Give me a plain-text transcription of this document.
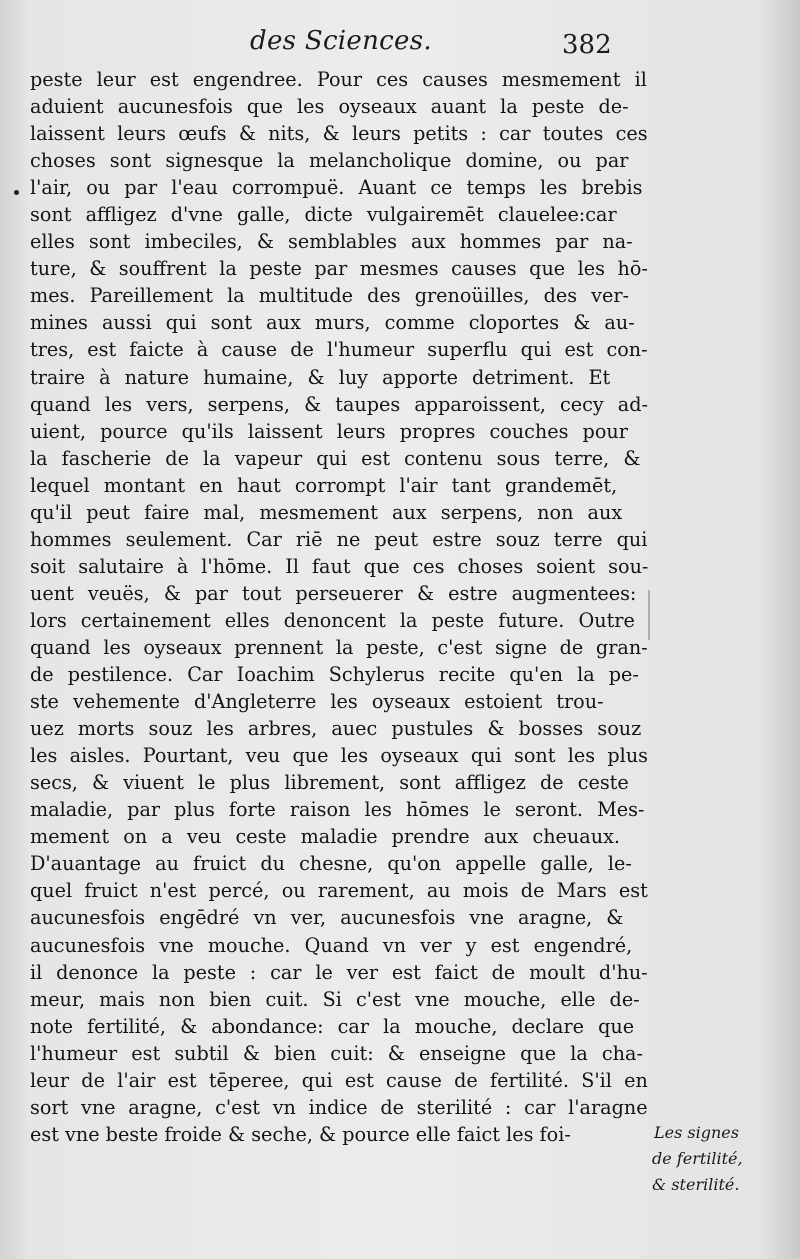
des Sciences.	382
peste leur est engendree. Pour ces causes mesmement il
aduient aucunesfois que les oyseaux auant la peste de-
laissent leurs œufs & nits, & leurs petits : car toutes ces
choses sont signesque la melancholique domine, ou par
l'air, ou par l'eau corrompuë. Auant ce temps les brebis
sont affligez d'vne galle, dicte vulgairemēt clauelee:car
elles sont imbeciles, & semblables aux hommes par na-
ture, & souffrent la peste par mesmes causes que les hō-
mes. Pareillement la multitude des grenoüilles, des ver-
mines aussi qui sont aux murs, comme cloportes & au-
tres, est faicte à cause de l'humeur superflu qui est con-
traire à nature humaine, & luy apporte detriment. Et
quand les vers, serpens, & taupes apparoissent, cecy ad-
uient, pource qu'ils laissent leurs propres couches pour
la fascherie de la vapeur qui est contenu sous terre, &
lequel montant en haut corrompt l'air tant grandemēt,
qu'il peut faire mal, mesmement aux serpens, non aux
hommes seulement. Car riē ne peut estre souz terre qui
soit salutaire à l'hōme. Il faut que ces choses soient sou-
uent veuës, & par tout perseuerer & estre augmentees:
lors certainement elles denoncent la peste future. Outre
quand les oyseaux prennent la peste, c'est signe de gran-
de pestilence. Car Ioachim Schylerus recite qu'en la pe-
ste vehemente d'Angleterre les oyseaux estoient trou-
uez morts souz les arbres, auec pustules & bosses souz
les aisles. Pourtant, veu que les oyseaux qui sont les plus
secs, & viuent le plus librement, sont affligez de ceste
maladie, par plus forte raison les hōmes le seront. Mes-
mement on a veu ceste maladie prendre aux cheuaux.
D'auantage au fruict du chesne, qu'on appelle galle, le-
quel fruict n'est percé, ou rarement, au mois de Mars est
aucunesfois engēdré vn ver, aucunesfois vne aragne, &
aucunesfois vne mouche. Quand vn ver y est engendré,
il denonce la peste : car le ver est faict de moult d'hu-
meur, mais non bien cuit. Si c'est vne mouche, elle de-
note fertilité, & abondance: car la mouche, declare que
l'humeur est subtil & bien cuit: & enseigne que la cha-
leur de l'air est tēperee, qui est cause de fertilité. S'il en
sort vne aragne, c'est vn indice de sterilité : car l'aragne
est vne beste froide & seche, & pource elle faict les foi-	Les signes
de fertilité,
& sterilité.
